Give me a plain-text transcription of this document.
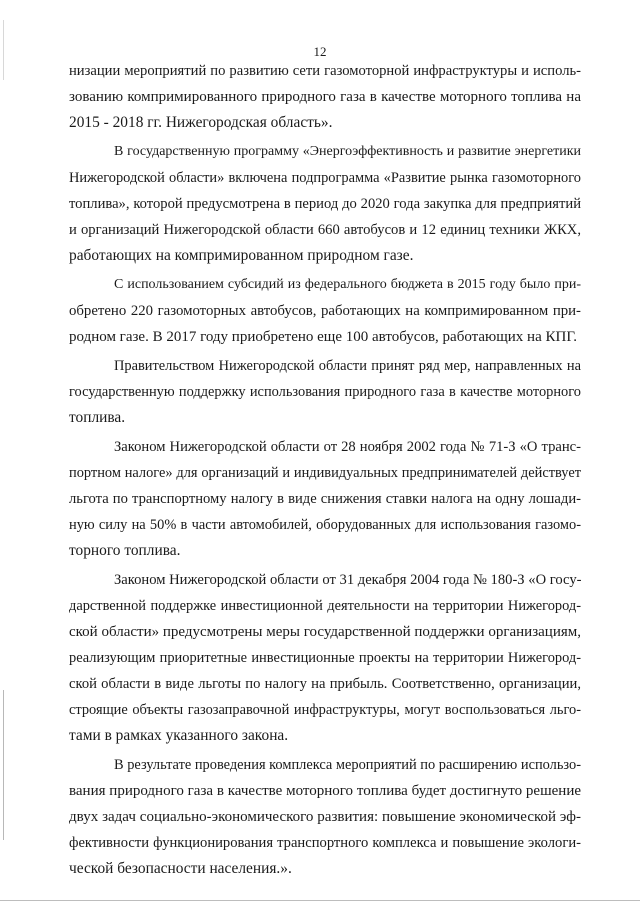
12
низации мероприятий по развитию сети газомоторной инфраструктуры и исполь-
зованию компримированного природного газа в качестве моторного топлива на
2015 - 2018 гг. Нижегородская область».
В государственную программу «Энергоэффективность и развитие энергетики
Нижегородской области» включена подпрограмма «Развитие рынка газомоторного
топлива», которой предусмотрена в период до 2020 года закупка для предприятий
и организаций Нижегородской области 660 автобусов и 12 единиц техники ЖКХ,
работающих на компримированном природном газе.
С использованием субсидий из федерального бюджета в 2015 году было при-
обретено 220 газомоторных автобусов, работающих на компримированном при-
родном газе. В 2017 году приобретено еще 100 автобусов, работающих на КПГ.
Правительством Нижегородской области принят ряд мер, направленных на
государственную поддержку использования природного газа в качестве моторного
топлива.
Законом Нижегородской области от 28 ноября 2002 года № 71-З «О транс-
портном налоге» для организаций и индивидуальных предпринимателей действует
льгота по транспортному налогу в виде снижения ставки налога на одну лошади-
ную силу на 50% в части автомобилей, оборудованных для использования газомо-
торного топлива.
Законом Нижегородской области от 31 декабря 2004 года № 180-З «О госу-
дарственной поддержке инвестиционной деятельности на территории Нижегород-
ской области» предусмотрены меры государственной поддержки организациям,
реализующим приоритетные инвестиционные проекты на территории Нижегород-
ской области в виде льготы по налогу на прибыль. Соответственно, организации,
строящие объекты газозаправочной инфраструктуры, могут воспользоваться льго-
тами в рамках указанного закона.
В результате проведения комплекса мероприятий по расширению использо-
вания природного газа в качестве моторного топлива будет достигнуто решение
двух задач социально-экономического развития: повышение экономической эф-
фективности функционирования транспортного комплекса и повышение экологи-
ческой безопасности населения.».
